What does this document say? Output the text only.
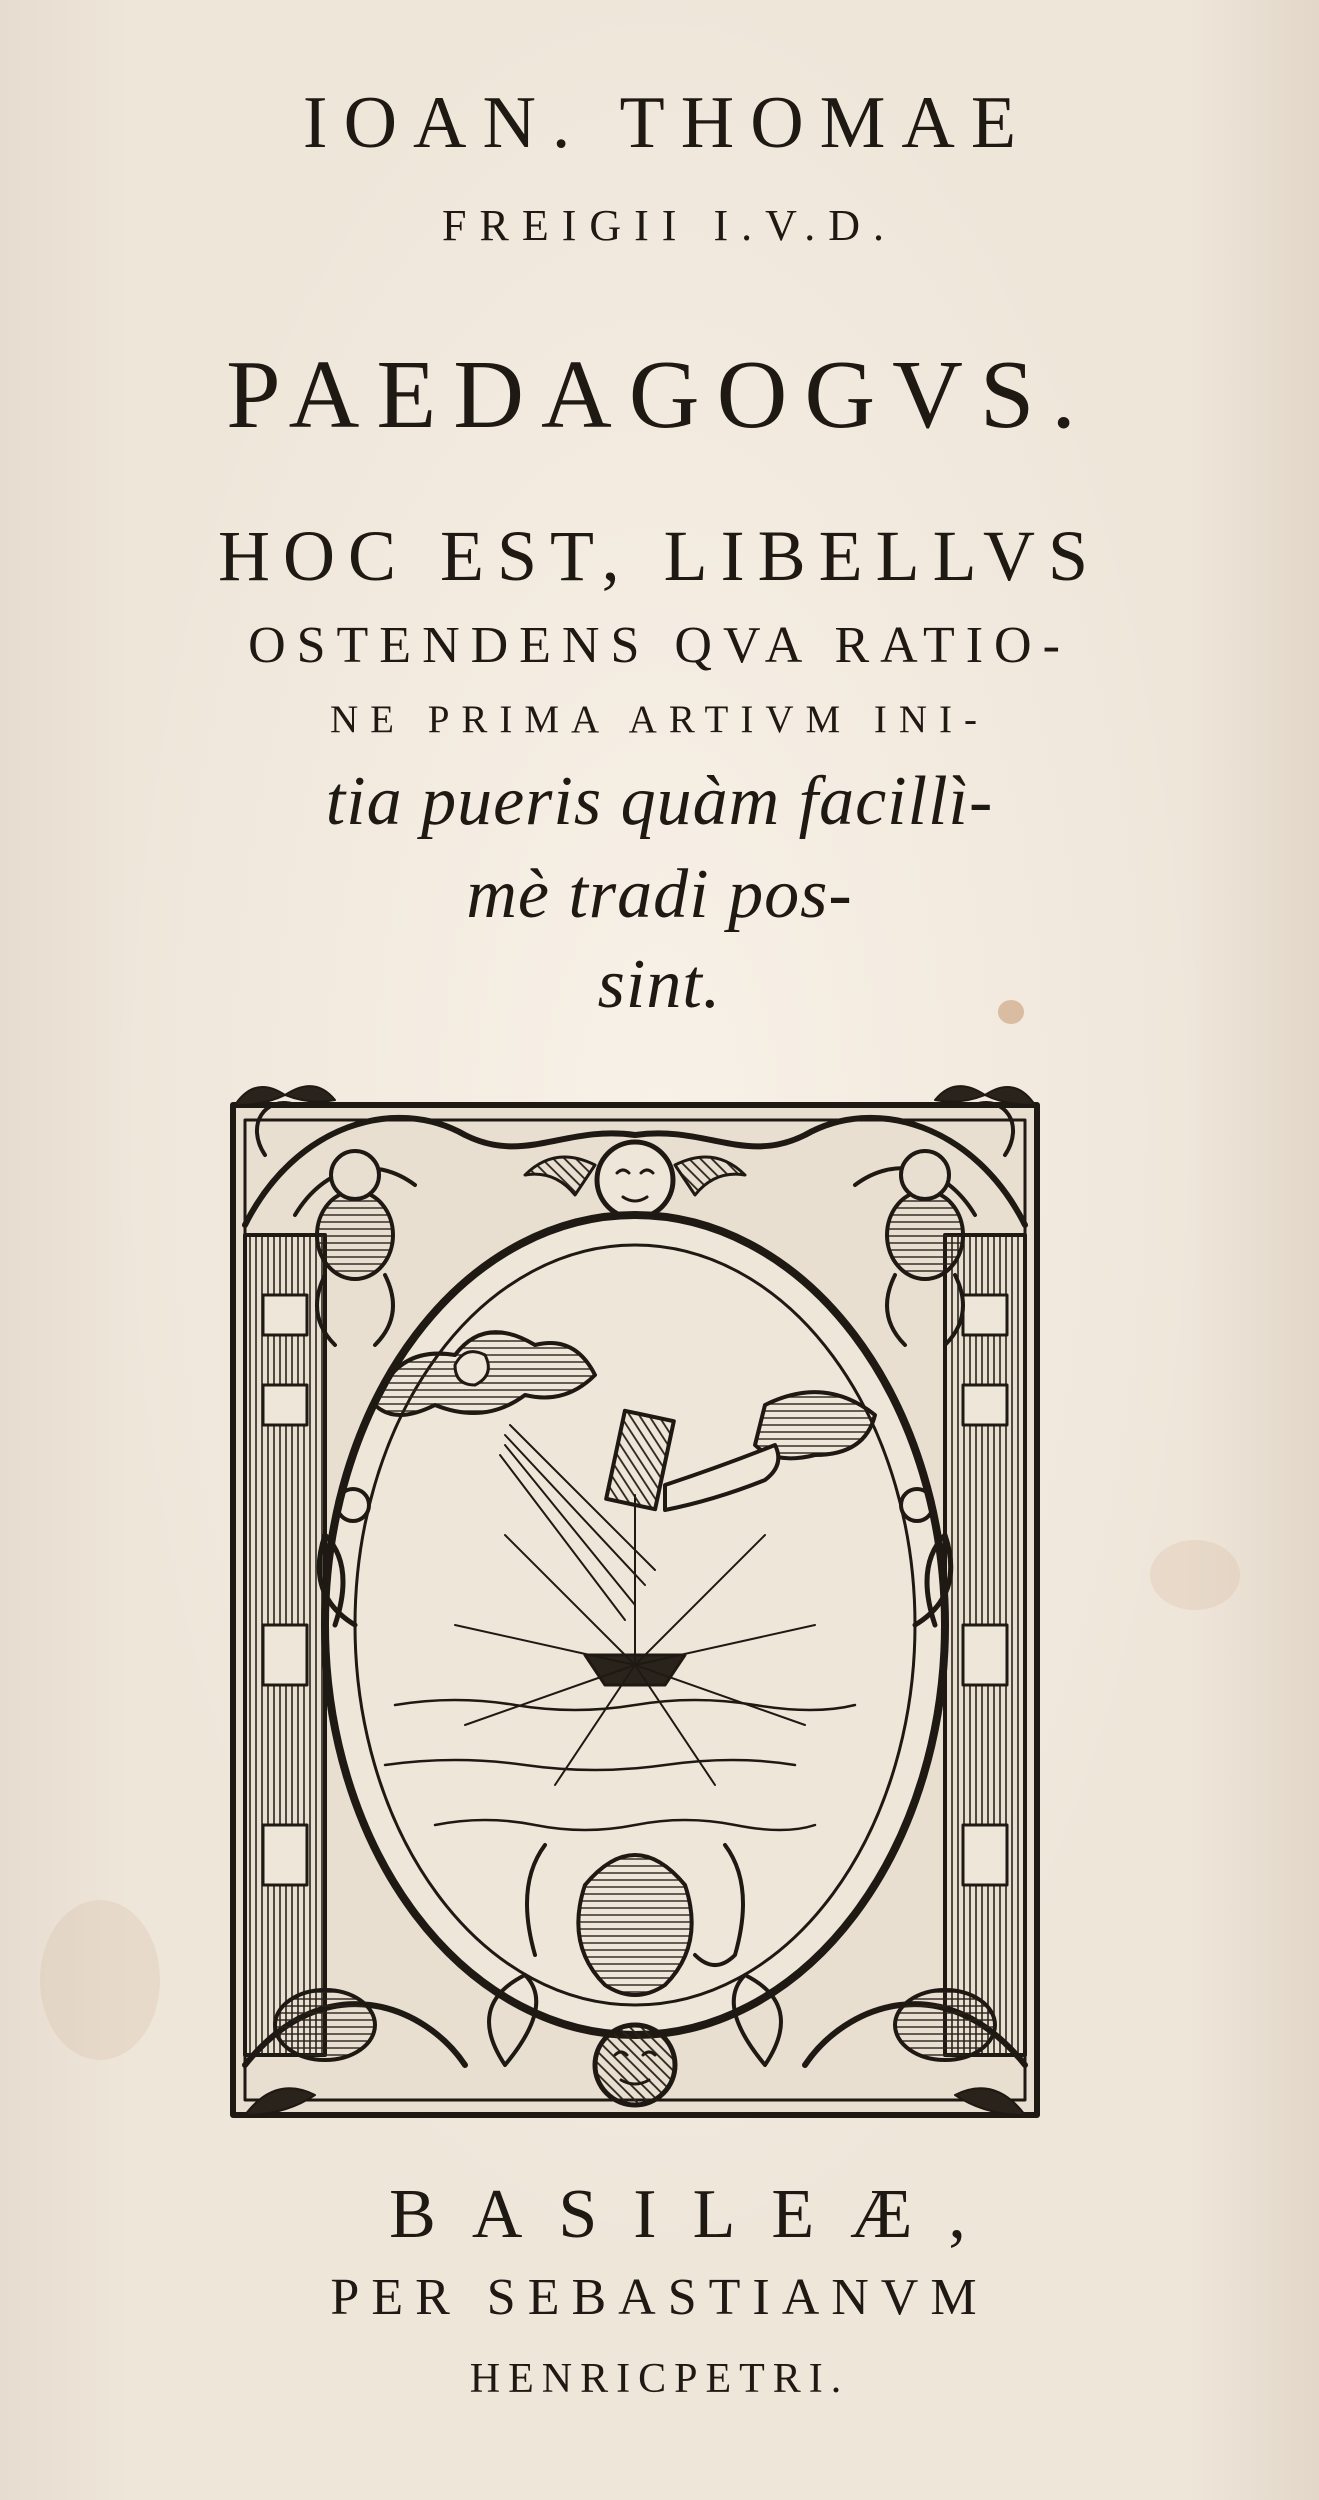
IOAN. THOMAE
FREIGII I.V.D.
PAEDAGOGVS.
HOC EST, LIBELLVS
OSTENDENS QVA RATIO-
NE PRIMA ARTIVM INI-
tia pueris quàm facillì-
mè tradi pos-
sint.
BASILEÆ,
PER SEBASTIANVM
HENRICPETRI.
